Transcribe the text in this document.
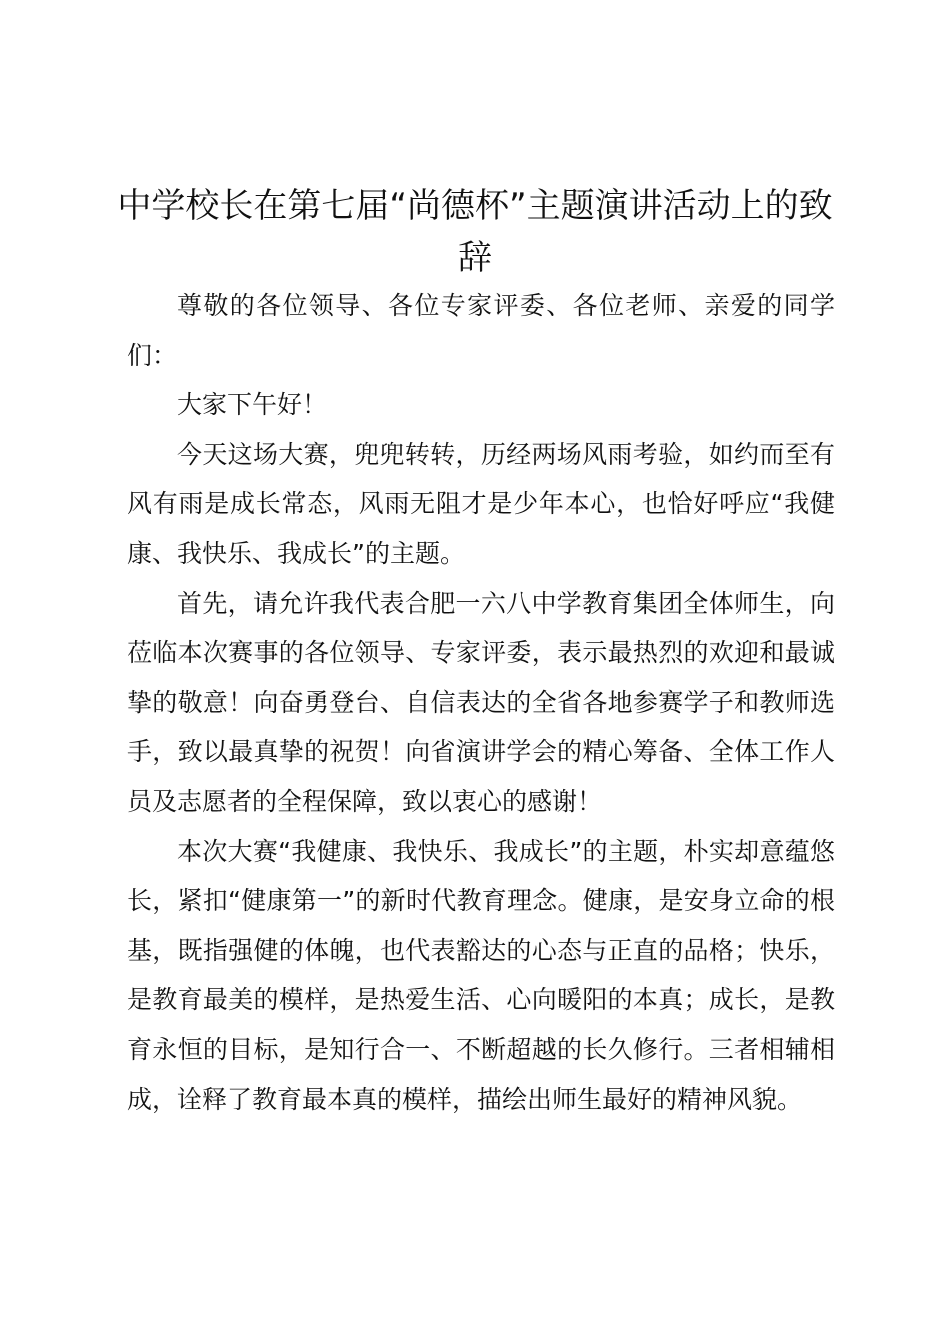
中学校长在第七届“尚德杯”主题演讲活动上的致辞

尊敬的各位领导、各位专家评委、各位老师、亲爱的同学们：

大家下午好！

今天这场大赛，兜兜转转，历经两场风雨考验，如约而至有风有雨是成长常态，风雨无阻才是少年本心，也恰好呼应“我健康、我快乐、我成长”的主题。

首先，请允许我代表合肥一六八中学教育集团全体师生，向莅临本次赛事的各位领导、专家评委，表示最热烈的欢迎和最诚挚的敬意！向奋勇登台、自信表达的全省各地参赛学子和教师选手，致以最真挚的祝贺！向省演讲学会的精心筹备、全体工作人员及志愿者的全程保障，致以衷心的感谢！

本次大赛“我健康、我快乐、我成长”的主题，朴实却意蕴悠长，紧扣“健康第一”的新时代教育理念。健康，是安身立命的根基，既指强健的体魄，也代表豁达的心态与正直的品格；快乐，是教育最美的模样，是热爱生活、心向暖阳的本真；成长，是教育永恒的目标，是知行合一、不断超越的长久修行。三者相辅相成，诠释了教育最本真的模样，描绘出师生最好的精神风貌。
